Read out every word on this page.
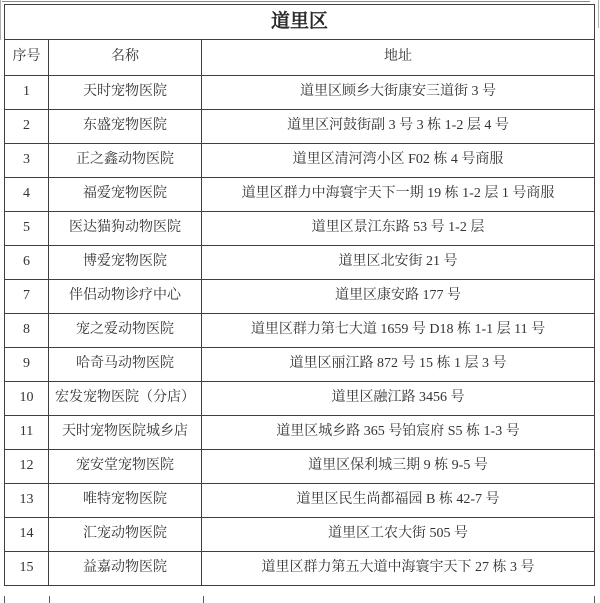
道里区		
序号	名称	地址
1	天时宠物医院	道里区顾乡大街康安三道街 3 号
2	东盛宠物医院	道里区河鼓街副 3 号 3 栋 1-2 层 4 号
3	正之鑫动物医院	道里区清河湾小区 F02 栋 4 号商服
4	福爱宠物医院	道里区群力中海寰宇天下一期 19 栋 1-2 层 1 号商服
5	医达猫狗动物医院	道里区景江东路 53 号 1-2 层
6	博爱宠物医院	道里区北安街 21 号
7	伴侣动物诊疗中心	道里区康安路 177 号
8	宠之爱动物医院	道里区群力第七大道 1659 号 D18 栋 1-1 层 11 号
9	哈奇马动物医院	道里区丽江路 872 号 15 栋 1 层 3 号
10	宏发宠物医院（分店）	道里区融江路 3456 号
11	天时宠物医院城乡店	道里区城乡路 365 号铂宸府 S5 栋 1-3 号
12	宠安堂宠物医院	道里区保利城三期 9 栋 9-5 号
13	唯特宠物医院	道里区民生尚都福园 B 栋 42-7 号
14	汇宠动物医院	道里区工农大街 505 号
15	益嘉动物医院	道里区群力第五大道中海寰宇天下 27 栋 3 号
